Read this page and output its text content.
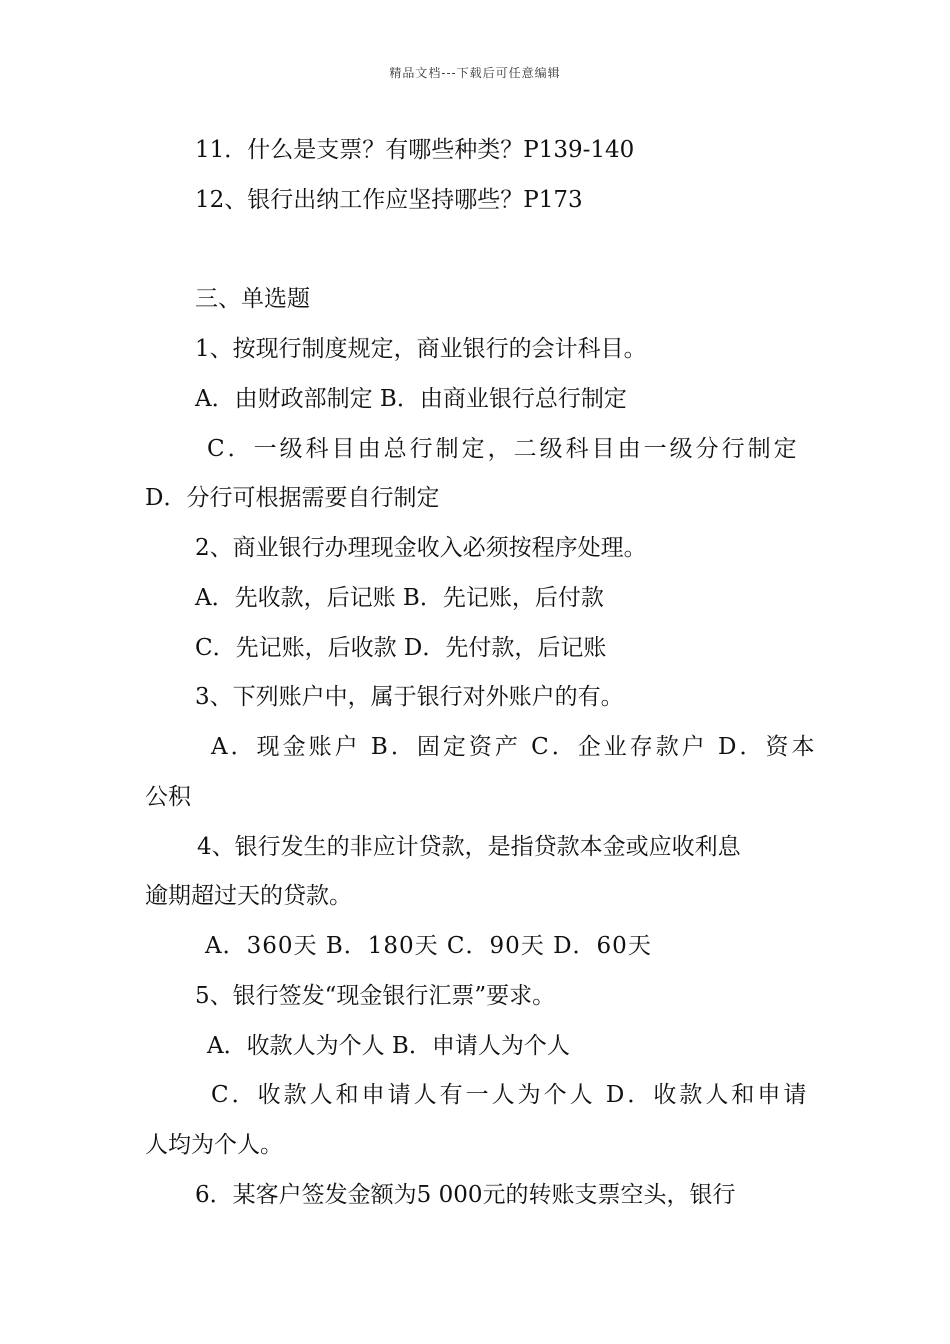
精品文档---下载后可任意编辑
11．什么是支票？有哪些种类？P139-140
12、银行出纳工作应坚持哪些？P173
三、单选题
1、按现行制度规定，商业银行的会计科目。
A．由财政部制定 B．由商业银行总行制定
C．一级科目由总行制定，二级科目由一级分行制定
D．分行可根据需要自行制定
2、商业银行办理现金收入必须按程序处理。
A．先收款，后记账 B．先记账，后付款
C．先记账，后收款 D．先付款，后记账
3、下列账户中，属于银行对外账户的有。
A．现金账户 B．固定资产 C．企业存款户 D．资本
公积
4、银行发生的非应计贷款，是指贷款本金或应收利息
逾期超过天的贷款。
A．360天 B．180天 C．90天 D．60天
5、银行签发“现金银行汇票”要求。
A．收款人为个人 B．申请人为个人
C．收款人和申请人有一人为个人 D．收款人和申请
人均为个人。
6．某客户签发金额为5 000元的转账支票空头，银行
